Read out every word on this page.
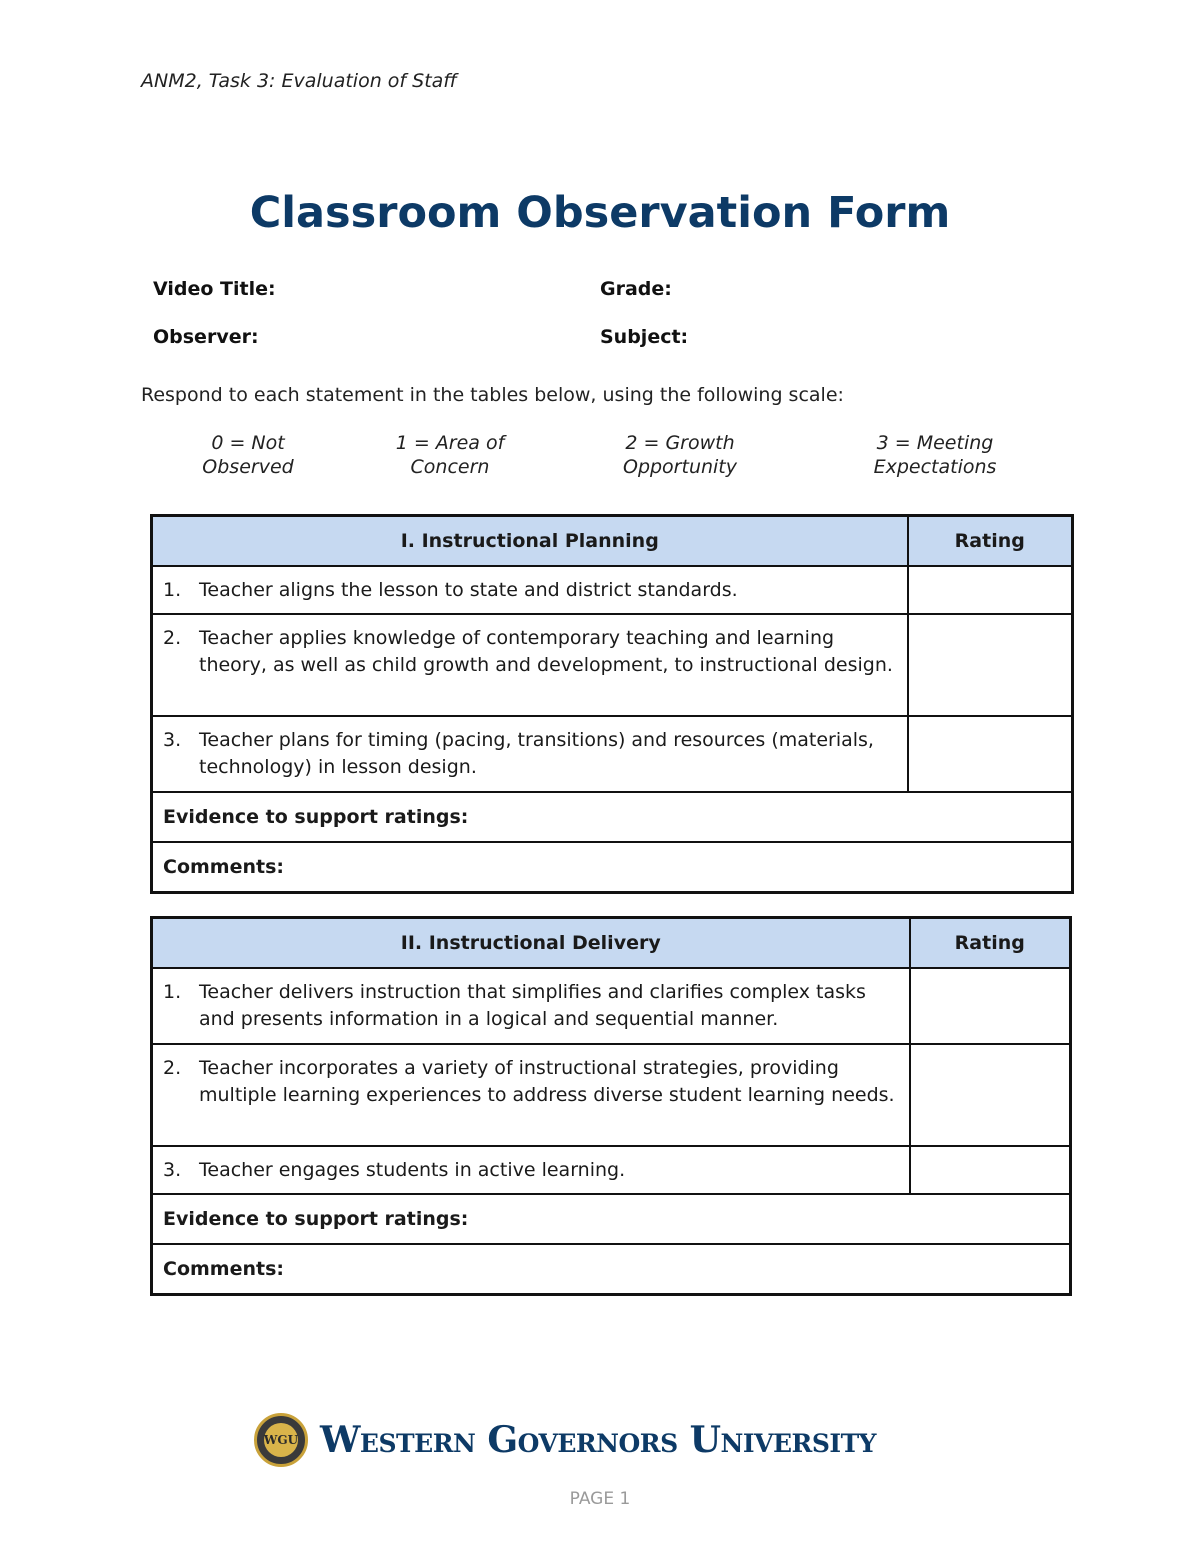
ANM2, Task 3: Evaluation of Staff
Classroom Observation Form
Video Title:	Grade:
Observer:	Subject:
Respond to each statement in the tables below, using the following scale:
0 = Not
Observed
1 = Area of
Concern
2 = Growth
Opportunity
3 = Meeting
Expectations
I. Instructional Planning	Rating

1. Teacher aligns the lesson to state and district standards.	

2. Teacher applies knowledge of contemporary teaching and learning theory, as well as child growth and development, to instructional design.	

3. Teacher plans for timing (pacing, transitions) and resources (materials, technology) in lesson design.	

Evidence to support ratings:	
Comments:	
II. Instructional Delivery	Rating

1. Teacher delivers instruction that simplifies and clarifies complex tasks and presents information in a logical and sequential manner.	

2. Teacher incorporates a variety of instructional strategies, providing multiple learning experiences to address diverse student learning needs.	

3. Teacher engages students in active learning.	

Evidence to support ratings:	
Comments:	
WGU Western Governors University
PAGE 1
